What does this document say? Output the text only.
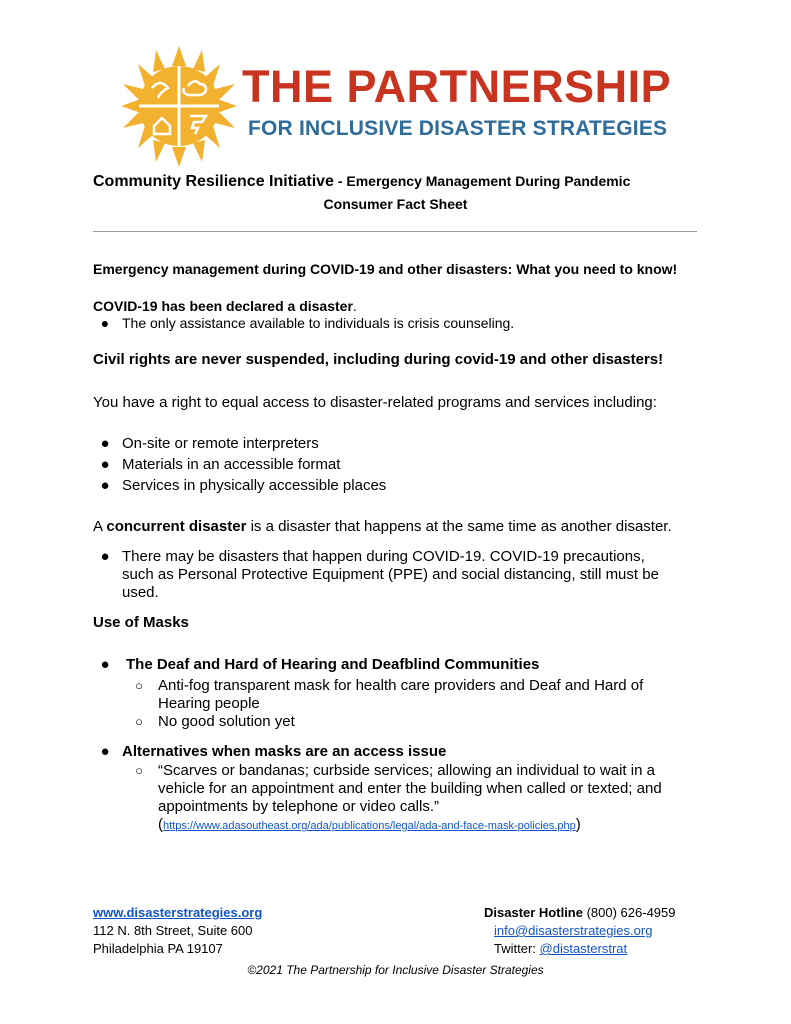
THE PARTNERSHIP
FOR INCLUSIVE DISASTER STRATEGIES
Community Resilience Initiative - Emergency Management During Pandemic
Consumer Fact Sheet
Emergency management during COVID-19 and other disasters: What you need to know!
COVID-19 has been declared a disaster.
● The only assistance available to individuals is crisis counseling.
Civil rights are never suspended, including during covid-19 and other disasters!
You have a right to equal access to disaster-related programs and services including:
● On-site or remote interpreters
● Materials in an accessible format
● Services in physically accessible places
A concurrent disaster is a disaster that happens at the same time as another disaster.
● There may be disasters that happen during COVID-19. COVID-19 precautions,
such as Personal Protective Equipment (PPE) and social distancing, still must be
used.
Use of Masks
● The Deaf and Hard of Hearing and Deafblind Communities
○ Anti-fog transparent mask for health care providers and Deaf and Hard of
Hearing people
○ No good solution yet
● Alternatives when masks are an access issue
○ “Scarves or bandanas; curbside services; allowing an individual to wait in a
vehicle for an appointment and enter the building when called or texted; and
appointments by telephone or video calls.”
(https://www.adasoutheast.org/ada/publications/legal/ada-and-face-mask-policies.php)
www.disasterstrategies.org
112 N. 8th Street, Suite 600
Philadelphia PA 19107
Disaster Hotline (800) 626-4959
info@disasterstrategies.org
Twitter: @distasterstrat
©2021 The Partnership for Inclusive Disaster Strategies
